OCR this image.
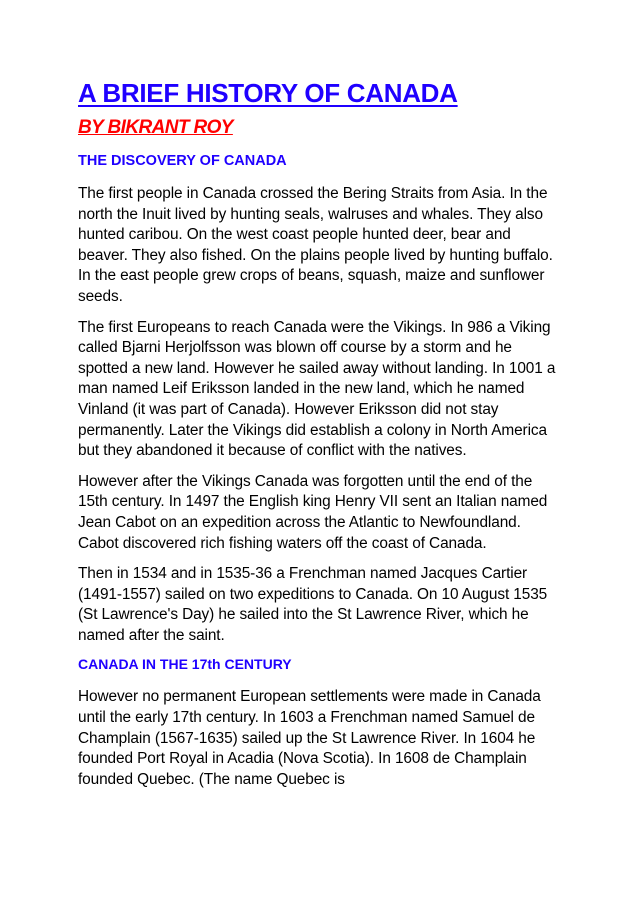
A BRIEF HISTORY OF CANADA
BY BIKRANT ROY
THE DISCOVERY OF CANADA

The first people in Canada crossed the Bering Straits from Asia. In the north the Inuit lived by hunting seals, walruses and whales. They also hunted caribou. On the west coast people hunted deer, bear and beaver. They also fished. On the plains people lived by hunting buffalo. In the east people grew crops of beans, squash, maize and sunflower seeds.

The first Europeans to reach Canada were the Vikings. In 986 a Viking called Bjarni Herjolfsson was blown off course by a storm and he spotted a new land. However he sailed away without landing. In 1001 a man named Leif Eriksson landed in the new land, which he named Vinland (it was part of Canada). However Eriksson did not stay permanently. Later the Vikings did establish a colony in North America but they abandoned it because of conflict with the natives.

However after the Vikings Canada was forgotten until the end of the 15th century. In 1497 the English king Henry VII sent an Italian named Jean Cabot on an expedition across the Atlantic to Newfoundland. Cabot discovered rich fishing waters off the coast of Canada.

Then in 1534 and in 1535-36 a Frenchman named Jacques Cartier (1491-1557) sailed on two expeditions to Canada. On 10 August 1535 (St Lawrence's Day) he sailed into the St Lawrence River, which he named after the saint.

CANADA IN THE 17th CENTURY

However no permanent European settlements were made in Canada until the early 17th century. In 1603 a Frenchman named Samuel de Champlain (1567-1635) sailed up the St Lawrence River. In 1604 he founded Port Royal in Acadia (Nova Scotia). In 1608 de Champlain founded Quebec. (The name Quebec is
